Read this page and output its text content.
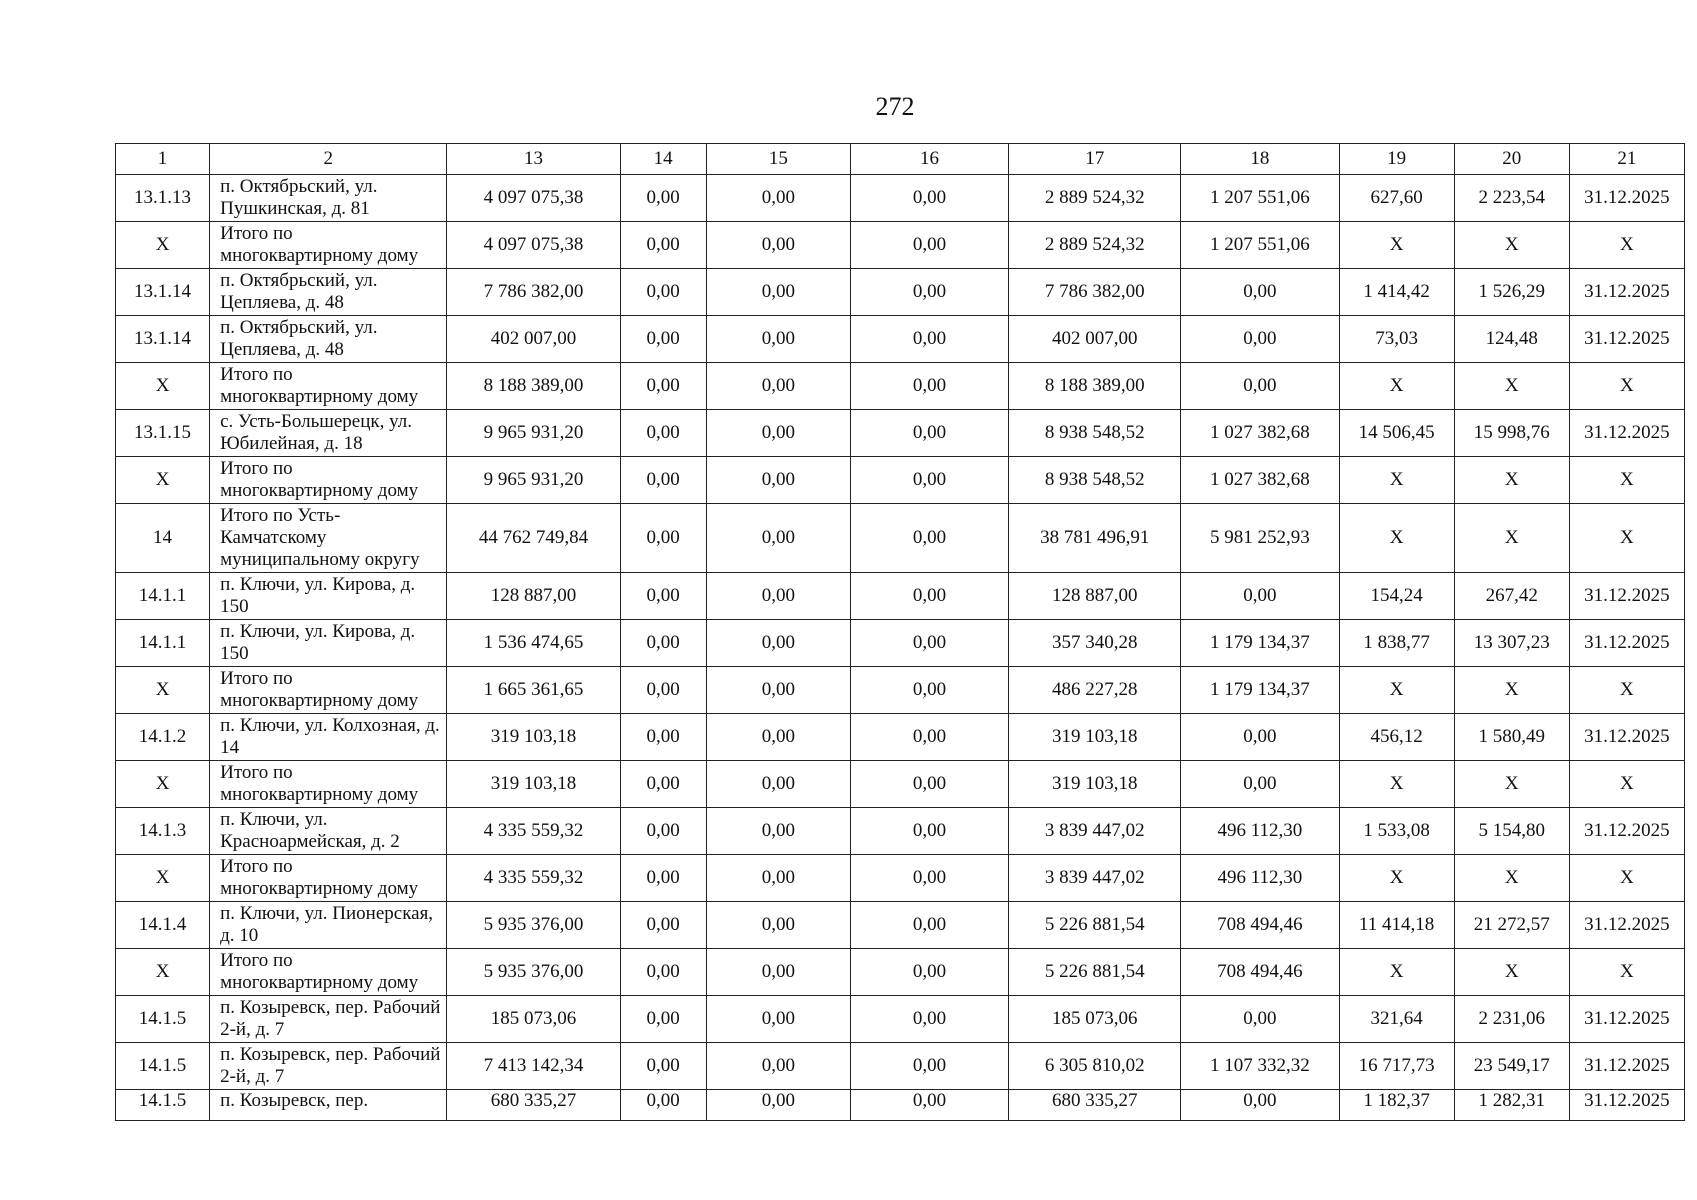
272
1	2	13	14	15	16	17	18	19	20	21
13.1.13	п. Октябрьский, ул. Пушкинская, д. 81	4 097 075,38	0,00	0,00	0,00	2 889 524,32	1 207 551,06	627,60	2 223,54	31.12.2025
X	Итого по многоквартирному дому	4 097 075,38	0,00	0,00	0,00	2 889 524,32	1 207 551,06	X	X	X
13.1.14	п. Октябрьский, ул. Цепляева, д. 48	7 786 382,00	0,00	0,00	0,00	7 786 382,00	0,00	1 414,42	1 526,29	31.12.2025
13.1.14	п. Октябрьский, ул. Цепляева, д. 48	402 007,00	0,00	0,00	0,00	402 007,00	0,00	73,03	124,48	31.12.2025
X	Итого по многоквартирному дому	8 188 389,00	0,00	0,00	0,00	8 188 389,00	0,00	X	X	X
13.1.15	с. Усть-Большерецк, ул. Юбилейная, д. 18	9 965 931,20	0,00	0,00	0,00	8 938 548,52	1 027 382,68	14 506,45	15 998,76	31.12.2025
X	Итого по многоквартирному дому	9 965 931,20	0,00	0,00	0,00	8 938 548,52	1 027 382,68	X	X	X
14	Итого по Усть-Камчатскому муниципальному округу	44 762 749,84	0,00	0,00	0,00	38 781 496,91	5 981 252,93	X	X	X
14.1.1	п. Ключи, ул. Кирова, д. 150	128 887,00	0,00	0,00	0,00	128 887,00	0,00	154,24	267,42	31.12.2025
14.1.1	п. Ключи, ул. Кирова, д. 150	1 536 474,65	0,00	0,00	0,00	357 340,28	1 179 134,37	1 838,77	13 307,23	31.12.2025
X	Итого по многоквартирному дому	1 665 361,65	0,00	0,00	0,00	486 227,28	1 179 134,37	X	X	X
14.1.2	п. Ключи, ул. Колхозная, д. 14	319 103,18	0,00	0,00	0,00	319 103,18	0,00	456,12	1 580,49	31.12.2025
X	Итого по многоквартирному дому	319 103,18	0,00	0,00	0,00	319 103,18	0,00	X	X	X
14.1.3	п. Ключи, ул. Красноармейская, д. 2	4 335 559,32	0,00	0,00	0,00	3 839 447,02	496 112,30	1 533,08	5 154,80	31.12.2025
X	Итого по многоквартирному дому	4 335 559,32	0,00	0,00	0,00	3 839 447,02	496 112,30	X	X	X
14.1.4	п. Ключи, ул. Пионерская, д. 10	5 935 376,00	0,00	0,00	0,00	5 226 881,54	708 494,46	11 414,18	21 272,57	31.12.2025
X	Итого по многоквартирному дому	5 935 376,00	0,00	0,00	0,00	5 226 881,54	708 494,46	X	X	X
14.1.5	п. Козыревск, пер. Рабочий 2-й, д. 7	185 073,06	0,00	0,00	0,00	185 073,06	0,00	321,64	2 231,06	31.12.2025
14.1.5	п. Козыревск, пер. Рабочий 2-й, д. 7	7 413 142,34	0,00	0,00	0,00	6 305 810,02	1 107 332,32	16 717,73	23 549,17	31.12.2025
14.1.5	п. Козыревск, пер.	680 335,27	0,00	0,00	0,00	680 335,27	0,00	1 182,37	1 282,31	31.12.2025
